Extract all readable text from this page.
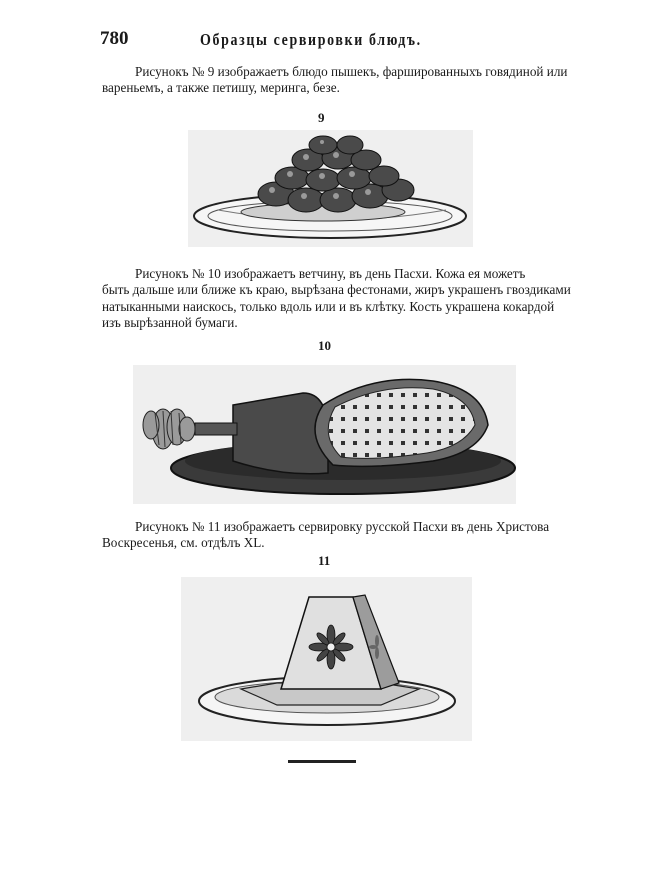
780	Образцы сервировки блюдъ.

Рисунокъ № 9 изображаетъ блюдо пышекъ, фаршированныхъ говядиной или
вареньемъ, а также петишу, меринга, безе.

9

Рисунокъ № 10 изображаетъ ветчину, въ день Пасхи. Кожа ея можетъ
быть дальше или ближе къ краю, вырѣзана фестонами, жиръ украшенъ гвоздиками
натыканными наискось, только вдоль или и въ клѣтку. Кость украшена кокардой
изъ вырѣзанной бумаги.

10

Рисунокъ № 11 изображаетъ сервировку русской Пасхи въ день Христова
Воскресенья, см. отдѣлъ XL.

11
